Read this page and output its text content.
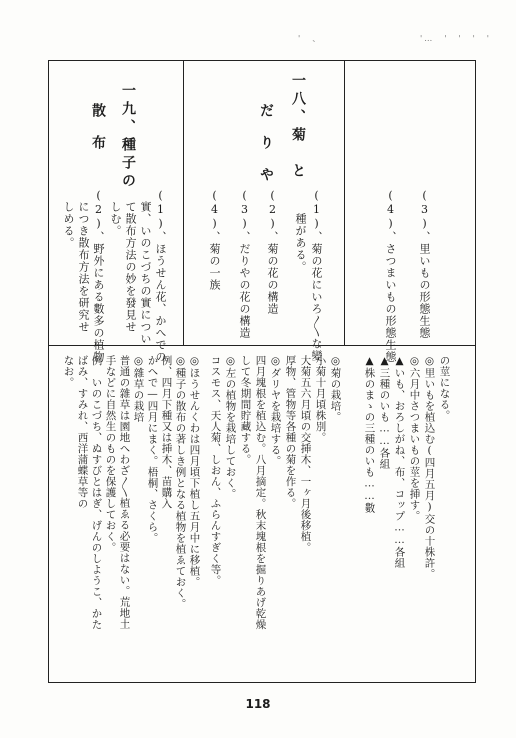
'　、	'…　'　'　'　'
一九、種子の
散布	一八、菊　と
だりや
(1)、ほうせん花、かへでの
　實、いのこづちの實につい
　て散布方法の妙を發見せ
　しむ。
(2)、野外にある數多の植物
　につき散布方法を研究せ
　しめる。	(1)、菊の花にいろ〳〵な變
　　種がある。
(2)、菊の花の構造
(3)、だりやの花の構造
(4)、菊の一族	(3)、里いもの形態生態
(4)、さつまいもの形態生態
の莖になる。
◎里いもを植込む(四月五月)交の十株許。
◎六月中さつまいもの莖を挿す。
▲いも、おろしがね、布、コップ……各組
▲三種のいも……各組
▲株のまゝの三種のいも……數
◎菊の栽培。
小菊十月頃株別。
大菊五六月頃の交挿木、一ヶ月後移植。
厚物、管物等各種の菊を作る。
◎ダリヤを栽培する。
四月塊根を植込む。八月摘定。秋末塊根を掘りあげ乾燥
して冬期間貯藏する。
◎左の植物を栽培しておく。
コスモス、天人菊、しおん、ふらんすぎく等。
◎ほうせんくわは四月頃下植し五月中に移植。
◎種子の散布の著しき例となる植物を植ゑておく。
例、四月下種又は挿木、苗購入
かへで—四月にまく。梧桐、さくら。
◎雜草の栽培
普通の雜草は園地へわざ〳〵植ゑる必要はない。荒地土
手などに自然生のものを保護しておく。
例　いのこづち、ぬすびとはぎ、げんのしようこ、かた
ばみ、すみれ、西洋蒲蝶草等の
なお。
118
